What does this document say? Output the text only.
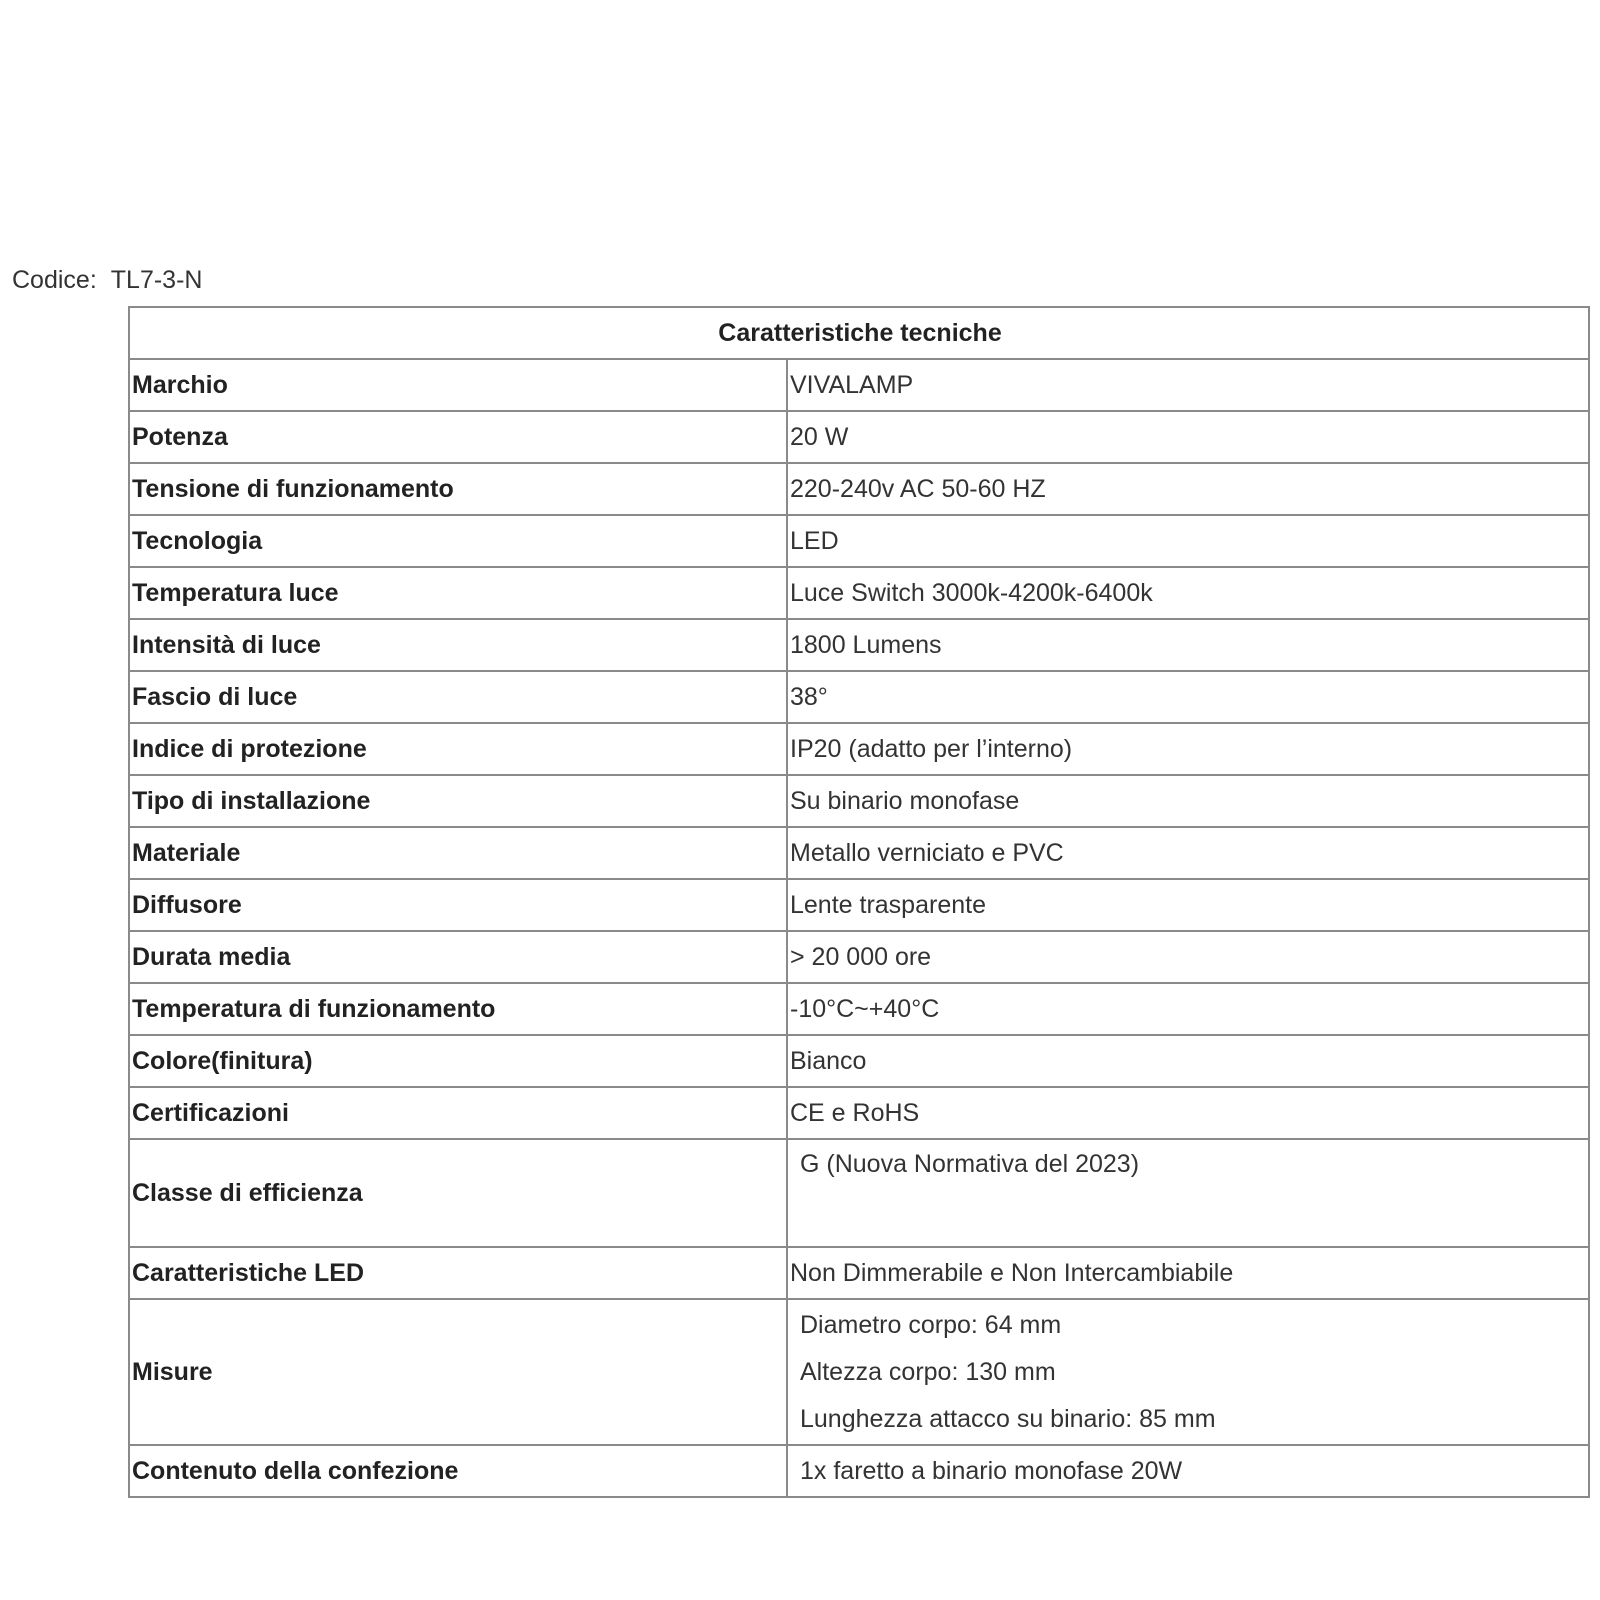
Codice: TL7-3-N
Caratteristiche tecniche	
Marchio	VIVALAMP
Potenza	20 W
Tensione di funzionamento	220-240v AC 50-60 HZ
Tecnologia	LED
Temperatura luce	Luce Switch 3000k-4200k-6400k
Intensità di luce	1800 Lumens
Fascio di luce	38°
Indice di protezione	IP20 (adatto per l’interno)
Tipo di installazione	Su binario monofase
Materiale	Metallo verniciato e PVC
Diffusore	Lente trasparente
Durata media	> 20 000 ore
Temperatura di funzionamento	-10°C~+40°C
Colore(finitura)	Bianco
Certificazioni	CE e RoHS
Classe di efficienza	G (Nuova Normativa del 2023)
Caratteristiche LED	Non Dimmerabile e Non Intercambiabile
Misure	Diametro corpo: 64 mm
Altezza corpo: 130 mm
Lunghezza attacco su binario: 85 mm

Contenuto della confezione	1x faretto a binario monofase 20W
